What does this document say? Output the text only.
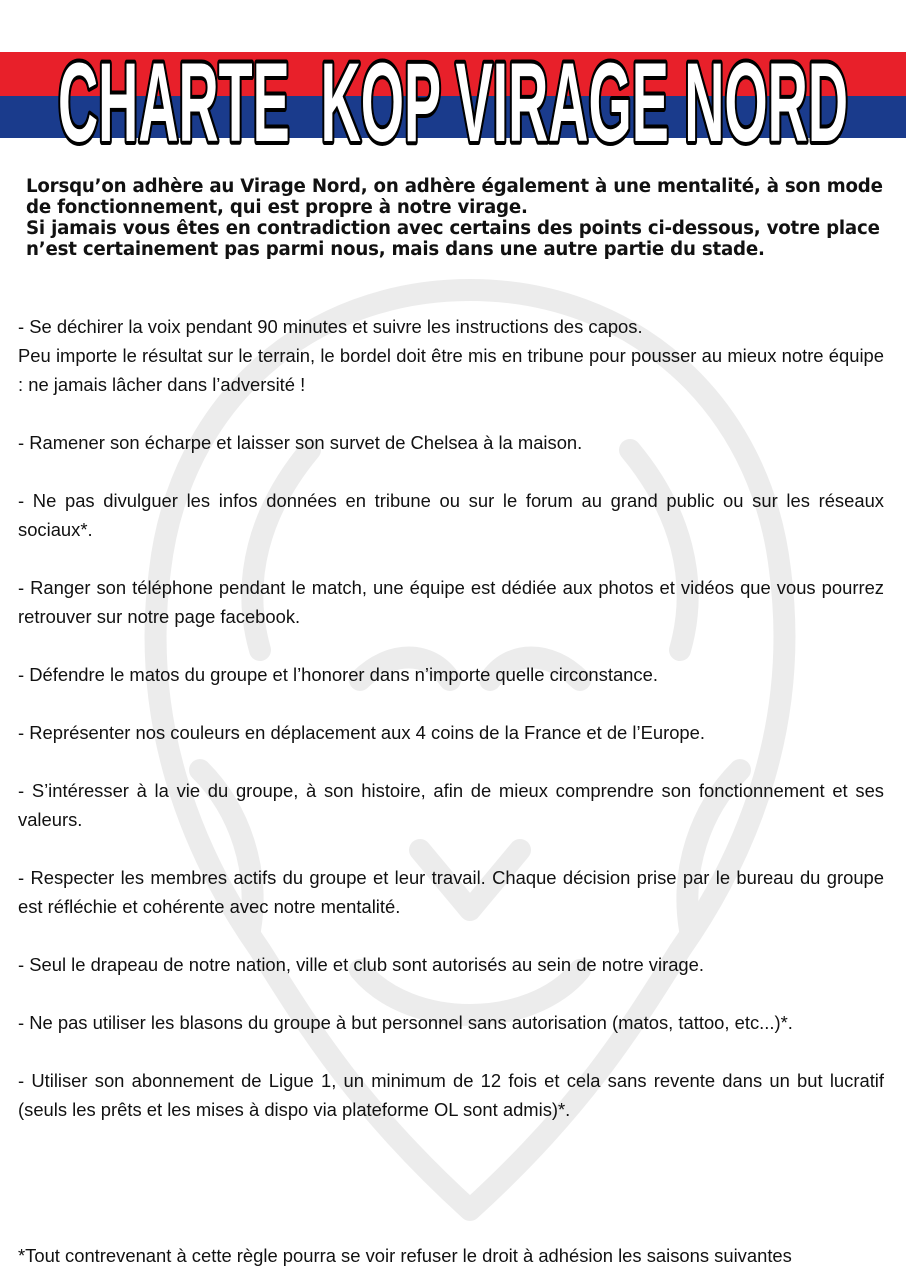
CHARTE  KOP VIRAGE NORD

Lorsqu’on adhère au Virage Nord, on adhère également à une mentalité, à son mode de fonctionnement, qui est propre à notre virage.

Si jamais vous êtes en contradiction avec certains des points ci-dessous, votre place n’est certainement pas parmi nous, mais dans une autre partie du stade.

- Se déchirer la voix pendant 90 minutes et suivre les instructions des capos.
Peu importe le résultat sur le terrain, le bordel doit être mis en tribune pour pousser au mieux notre équipe : ne jamais lâcher dans l’adversité !
- Ramener son écharpe et laisser son survet de Chelsea à la maison.
- Ne pas divulguer les infos données en tribune ou sur le forum au grand public ou sur les réseaux sociaux*.
- Ranger son téléphone pendant le match, une équipe est dédiée aux photos et vidéos que vous pourrez retrouver sur notre page facebook.
- Défendre le matos du groupe et l’honorer dans n’importe quelle circonstance.
- Représenter nos couleurs en déplacement aux 4 coins de la France et de l’Europe.
- S’intéresser à la vie du groupe, à son histoire, afin de mieux comprendre son fonctionnement et ses valeurs.
- Respecter les membres actifs du groupe et leur travail. Chaque décision prise par le bureau du groupe est réfléchie et cohérente avec notre mentalité.
- Seul le drapeau de notre nation, ville et club sont autorisés au sein de notre virage.
- Ne pas utiliser les blasons du groupe à but personnel sans autorisation (matos, tattoo, etc...)*.
- Utiliser son abonnement de Ligue 1, un minimum de 12 fois et cela sans revente dans un but lucratif (seuls les prêts et les mises à dispo via plateforme OL sont admis)*.
*Tout contrevenant à cette règle pourra se voir refuser le droit à adhésion les saisons suivantes
